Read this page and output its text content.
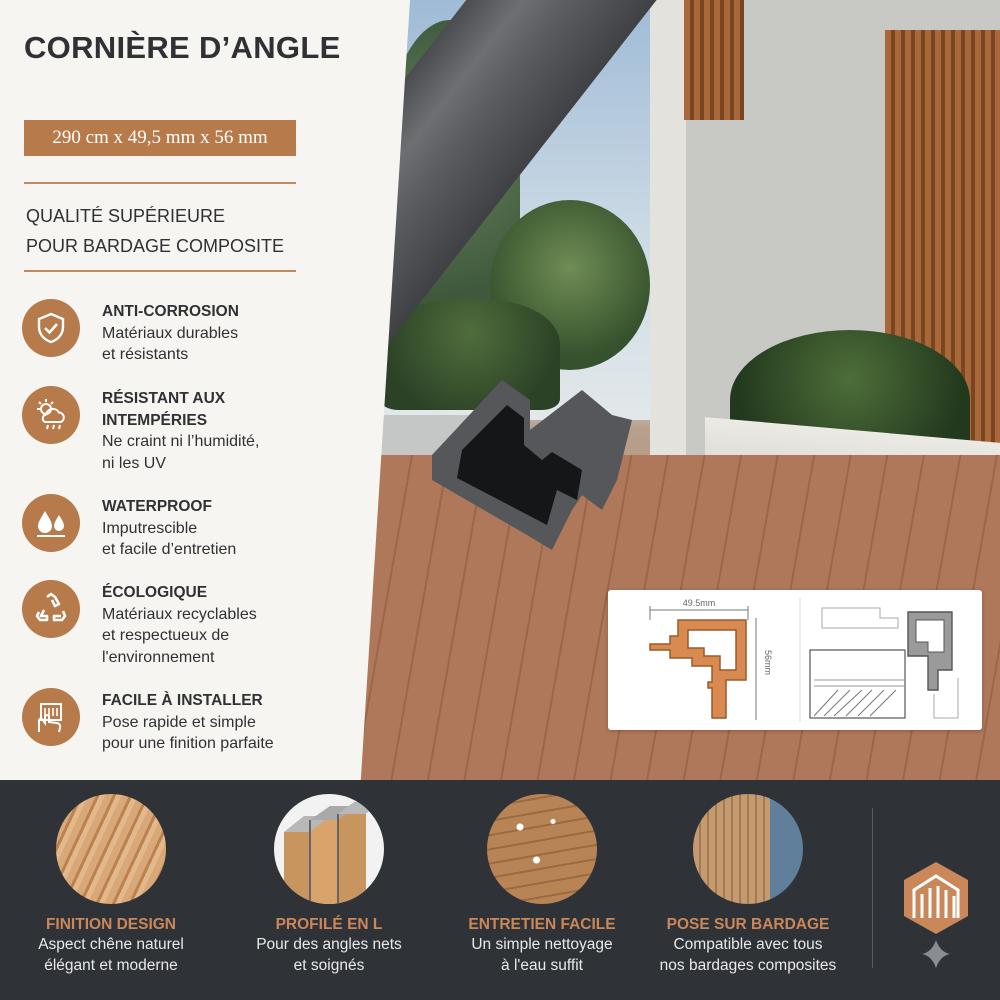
CORNIÈRE D’ANGLE
290 cm x 49,5 mm x 56 mm
QUALITÉ SUPÉRIEURE
POUR BARDAGE COMPOSITE
ANTI-CORROSION
Matériaux durables
et résistants
RÉSISTANT AUX
INTEMPÉRIES
Ne craint ni l’humidité,
ni les UV
WATERPROOF
Imputrescible
et facile d’entretien
ÉCOLOGIQUE
Matériaux recyclables
et respectueux de
l'environnement
FACILE À INSTALLER
Pose rapide et simple
pour une finition parfaite
49.5mm
56mm
FINITION DESIGN
Aspect chêne naturel
élégant et moderne
PROFILÉ EN L
Pour des angles nets
et soignés
ENTRETIEN FACILE
Un simple nettoyage
à l'eau suffit
POSE SUR BARDAGE
Compatible avec tous
nos bardages composites
